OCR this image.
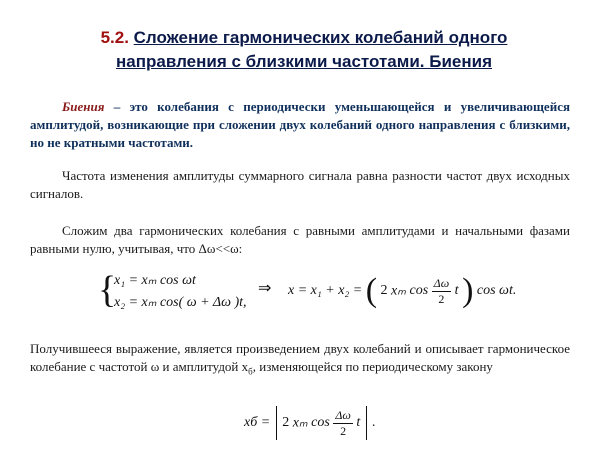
5.2. Сложение гармонических колебаний одного
направления с близкими частотами. Биения
Биения – это колебания с периодически уменьшающейся и увеличивающейся амплитудой, возникающие при сложении двух колебаний одного направления с близкими, но не кратными частотами.
Частота изменения амплитуды суммарного сигнала равна разности частот двух исходных сигналов.
Сложим два гармонических колебания с равными амплитудами и начальными фазами равными нулю, учитывая, что Δω<<ω:
{
x₁ = xₘ cos ωt
x₂ = xₘ cos( ω + Δω )t,
⇒ x = x₁ + x₂ = ( 2 xₘ $\cos \frac{\Delta\omega}{2}$ t ) cos ωt.
Получившееся выражение, является произведением двух колебаний и описывает гармоническое колебание с частотой ω и амплитудой $x_б$, изменяющейся по периодическому закону
xб = 2 xₘ $\cos \frac{\Delta\omega}{2}$ t .
